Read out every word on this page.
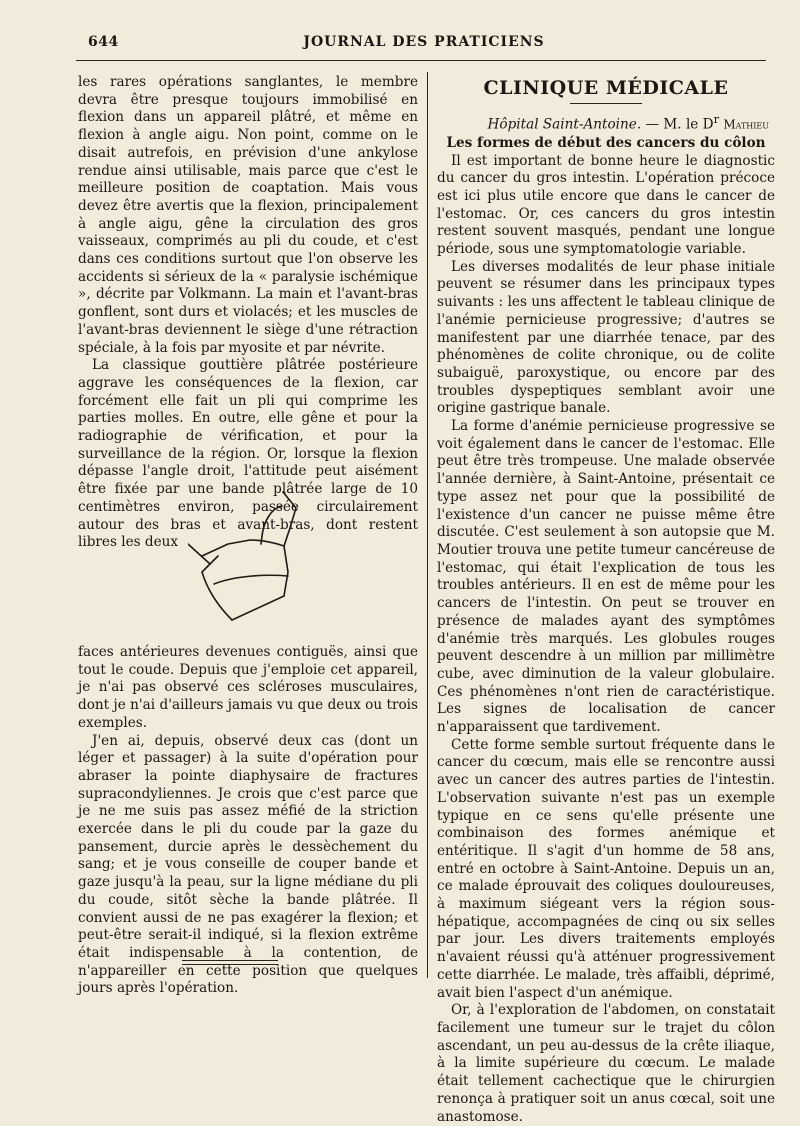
644	JOURNAL DES PRATICIENS

les rares opérations sanglantes, le membre devra être presque toujours immobilisé en flexion dans un appareil plâtré, et même en flexion à angle aigu. Non point, comme on le disait autrefois, en prévision d'une ankylose rendue ainsi utilisable, mais parce que c'est le meilleure position de coaptation. Mais vous devez être avertis que la flexion, principalement à angle aigu, gêne la circulation des gros vaisseaux, comprimés au pli du coude, et c'est dans ces conditions surtout que l'on observe les accidents si sérieux de la « paralysie ischémique », décrite par Volkmann. La main et l'avant-bras gonflent, sont durs et violacés; et les muscles de l'avant-bras deviennent le siège d'une rétraction spéciale, à la fois par myosite et par névrite.

La classique gouttière plâtrée postérieure aggrave les conséquences de la flexion, car forcément elle fait un pli qui comprime les parties molles. En outre, elle gêne et pour la radiographie de vérification, et pour la surveillance de la région. Or, lorsque la flexion dépasse l'angle droit, l'attitude peut aisément être fixée par une bande plâtrée large de 10 centimètres environ, passée circulairement autour des bras et avant-bras, dont restent libres les deux

faces antérieures devenues contiguës, ainsi que tout le coude. Depuis que j'emploie cet appareil, je n'ai pas observé ces scléroses musculaires, dont je n'ai d'ailleurs jamais vu que deux ou trois exemples.

J'en ai, depuis, observé deux cas (dont un léger et passager) à la suite d'opération pour abraser la pointe diaphysaire de fractures supracondyliennes. Je crois que c'est parce que je ne me suis pas assez méfié de la striction exercée dans le pli du coude par la gaze du pansement, durcie après le dessèchement du sang; et je vous conseille de couper bande et gaze jusqu'à la peau, sur la ligne médiane du pli du coude, sitôt sèche la bande plâtrée. Il convient aussi de ne pas exagérer la flexion; et peut-être serait-il indiqué, si la flexion extrême était indispensable à la contention, de n'appareiller en cette position que quelques jours après l'opération.

CLINIQUE MÉDICALE
Hôpital Saint-Antoine. — M. le $D^r$ Mathieu
Les formes de début des cancers du côlon

Il est important de bonne heure le diagnostic du cancer du gros intestin. L'opération précoce est ici plus utile encore que dans le cancer de l'estomac. Or, ces cancers du gros intestin restent souvent masqués, pendant une longue période, sous une symptomatologie variable.

Les diverses modalités de leur phase initiale peuvent se résumer dans les principaux types suivants : les uns affectent le tableau clinique de l'anémie pernicieuse progressive; d'autres se manifestent par une diarrhée tenace, par des phénomènes de colite chronique, ou de colite subaiguë, paroxystique, ou encore par des troubles dyspeptiques semblant avoir une origine gastrique banale.

La forme d'anémie pernicieuse progressive se voit également dans le cancer de l'estomac. Elle peut être très trompeuse. Une malade observée l'année dernière, à Saint-Antoine, présentait ce type assez net pour que la possibilité de l'existence d'un cancer ne puisse même être discutée. C'est seulement à son autopsie que M. Moutier trouva une petite tumeur cancéreuse de l'estomac, qui était l'explication de tous les troubles antérieurs. Il en est de même pour les cancers de l'intestin. On peut se trouver en présence de malades ayant des symptômes d'anémie très marqués. Les globules rouges peuvent descendre à un million par millimètre cube, avec diminution de la valeur globulaire. Ces phénomènes n'ont rien de caractéristique. Les signes de localisation de cancer n'apparaissent que tardivement.

Cette forme semble surtout fréquente dans le cancer du cœcum, mais elle se rencontre aussi avec un cancer des autres parties de l'intestin. L'observation suivante n'est pas un exemple typique en ce sens qu'elle présente une combinaison des formes anémique et entéritique. Il s'agit d'un homme de 58 ans, entré en octobre à Saint-Antoine. Depuis un an, ce malade éprouvait des coliques douloureuses, à maximum siégeant vers la région sous-hépatique, accompagnées de cinq ou six selles par jour. Les divers traitements employés n'avaient réussi qu'à atténuer progressivement cette diarrhée. Le malade, très affaibli, déprimé, avait bien l'aspect d'un anémique.

Or, à l'exploration de l'abdomen, on constatait facilement une tumeur sur le trajet du côlon ascendant, un peu au-dessus de la crête iliaque, à la limite supérieure du cœcum. Le malade était tellement cachectique que le chirurgien renonça à pratiquer soit un anus cœcal, soit une anastomose.
